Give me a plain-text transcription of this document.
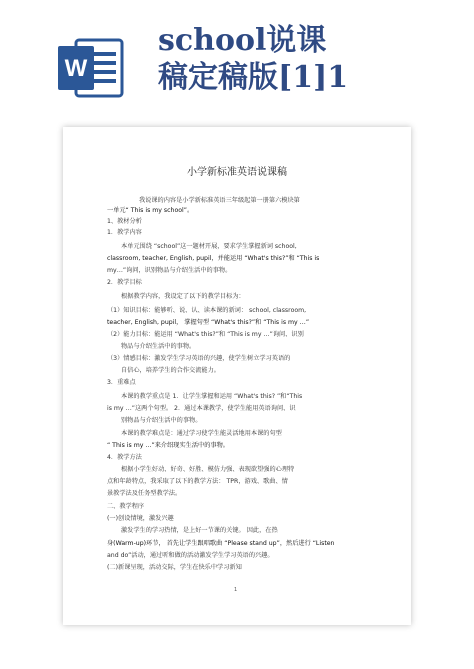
W
school说课
稿定稿版[1]1
小学新标准英语说课稿
我说课的内容是小学新标准英语三年级起第一册第六模块第
一单元“ This is my school”。
1、教材分析
1．教学内容
本单元围绕 “school”这一题材开展，要求学生掌握新词 school,
classroom, teacher, English, pupil，并能运用 “What's this?”和 “This is
my…”询问，识别物品与介绍生活中的事物。
2．教学目标
根据教学内容，我设定了以下的教学目标为：
（1）知识目标：能够听、说、认、读本课的新词： school, classroom,
teacher, English, pupil， 掌握句型 “What's this?”和 “This is my …”
（2）能力目标：能运用 “What's this?”和 “This is my …”询问、识别
物品与介绍生活中的事物。
（3）情感目标：激发学生学习英语的兴趣，使学生树立学习英语的
自信心，培养学生的合作交流能力。
3．重难点
本课的教学重点是 1．让学生掌握和运用 “What's this? ”和“This
is my …”这两个句型。 2．通过本课教学，使学生能用英语询问、识
别物品与介绍生活中的事物。
本课的教学难点是：通过学习使学生能灵活地用本课的句型
“ This is my …”来介绍现实生活中的事物。
4．教学方法
根据小学生好动、好奇、好胜、模仿力强、表现欲望强的心理特
点和年龄特点，我采取了以下的教学方法： TPR，游戏、歌曲、情
景教学法及任务型教学法。
二、教学程序
(一)创设情境，激发兴趣
激发学生的学习热情，是上好一节课的关键。 因此，在热
身(Warm-up)环节， 首先让学生跟唱歌曲 “Please stand up”，然后进行 “Listen
and do”活动，通过听和做的活动激发学生学习英语的兴趣。
(二)新课呈现，活动交际，学生在快乐中学习新知
1
